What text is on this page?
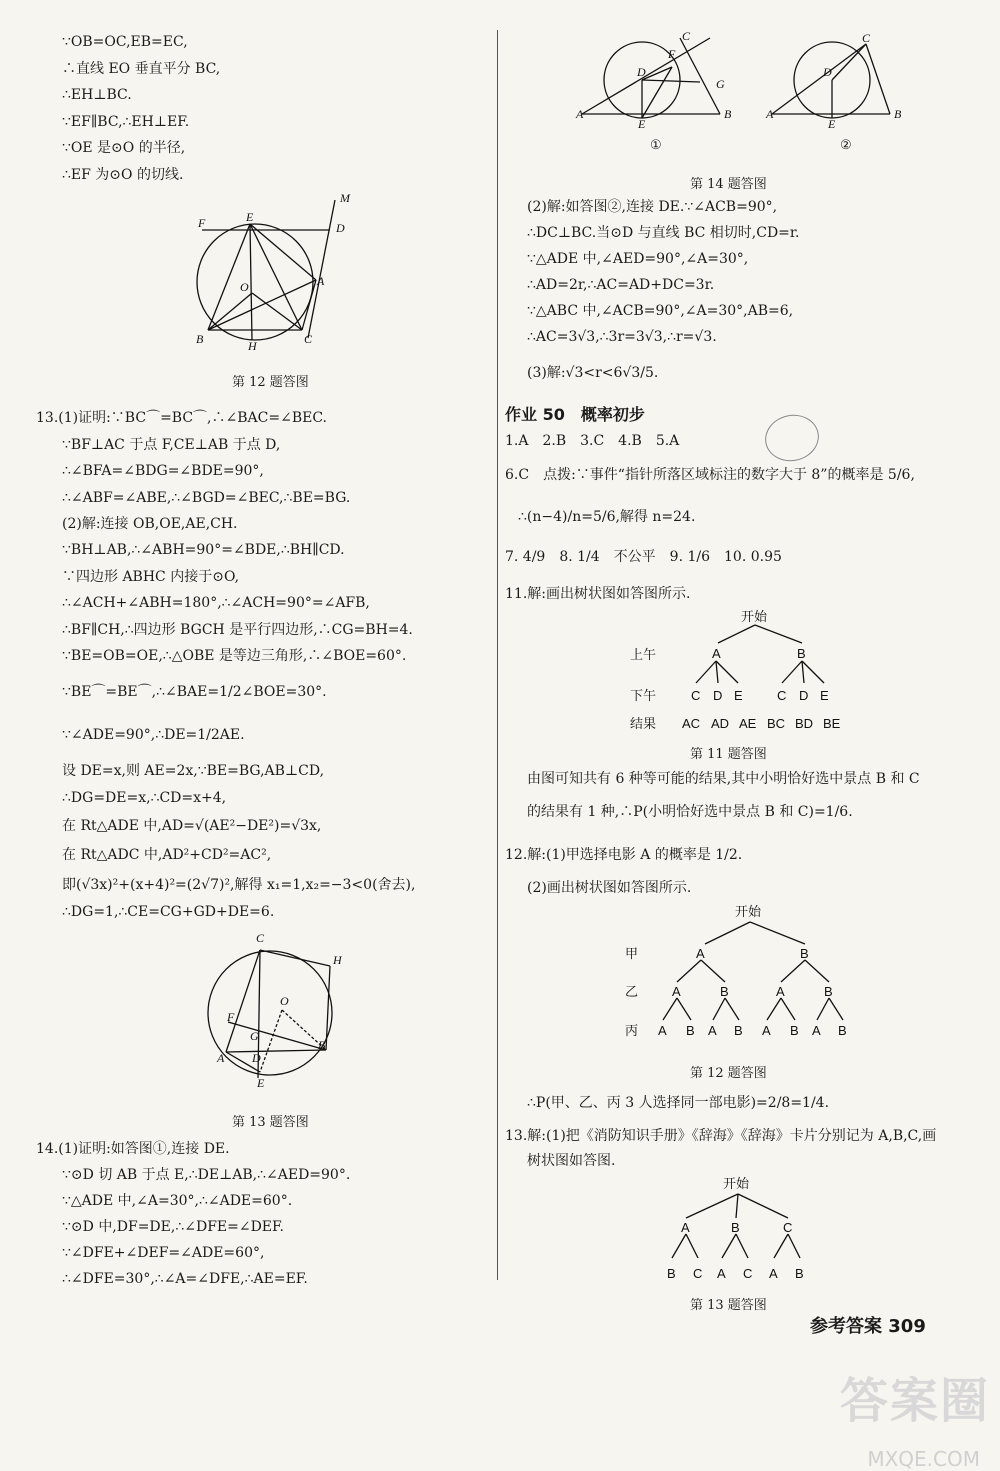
∵OB=OC,EB=EC,
∴直线 EO 垂直平分 BC,
∴EH⊥BC.
∵EF∥BC,∴EH⊥EF.
∵OE 是⊙O 的半径,
∴EF 为⊙O 的切线.
F	E
D
M
A
O
B	H	C
第 12 题答图
13.(1)证明:∵BC⌒=BC⌒,∴∠BAC=∠BEC.
∵BF⊥AC 于点 F,CE⊥AB 于点 D,
∴∠BFA=∠BDG=∠BDE=90°,
∴∠ABF=∠ABE,∴∠BGD=∠BEC,∴BE=BG.
(2)解:连接 OB,OE,AE,CH.
∵BH⊥AB,∴∠ABH=90°=∠BDE,∴BH∥CD.
∵四边形 ABHC 内接于⊙O,
∴∠ACH+∠ABH=180°,∴∠ACH=90°=∠AFB,
∴BF∥CH,∴四边形 BGCH 是平行四边形,∴CG=BH=4.
∵BE=OB=OE,∴△OBE 是等边三角形,∴∠BOE=60°.
∵BE⌒=BE⌒,∴∠BAE=1/2∠BOE=30°.
∵∠ADE=90°,∴DE=1/2AE.
设 DE=x,则 AE=2x,∵BE=BG,AB⊥CD,
∴DG=DE=x,∴CD=x+4,
在 Rt△ADE 中,AD=√(AE²−DE²)=√3x,
在 Rt△ADC 中,AD²+CD²=AC²,
即(√3x)²+(x+4)²=(2√7)²,解得 x₁=1,x₂=−3<0(舍去),
∴DG=1,∴CE=CG+GD+DE=6.
C
H
O
F
G
A D
B
E
第 13 题答图
14.(1)证明:如答图①,连接 DE.
∵⊙D 切 AB 于点 E,∴DE⊥AB,∴∠AED=90°.
∵△ADE 中,∠A=30°,∴∠ADE=60°.
∵⊙D 中,DF=DE,∴∠DFE=∠DEF.
∵∠DFE+∠DEF=∠ADE=60°,
∴∠DFE=30°,∴∠A=∠DFE,∴AE=EF.
A
D
F
C
G
E
B
①
A
D
C
E
B
②
第 14 题答图
(2)解:如答图②,连接 DE.∵∠ACB=90°,
∴DC⊥BC.当⊙D 与直线 BC 相切时,CD=r.
∵△ADE 中,∠AED=90°,∠A=30°,
∴AD=2r,∴AC=AD+DC=3r.
∵△ABC 中,∠ACB=90°,∠A=30°,AB=6,
∴AC=3√3,∴3r=3√3,∴r=√3.
(3)解:√3<r<6√3/5.
作业 50　概率初步
1.A　2.B　3.C　4.B　5.A
6.C　点拨:∵事件“指针所落区域标注的数字大于 8”的概率是 5/6,
∴(n−4)/n=5/6,解得 n=24.
7. 4/9　8. 1/4　不公平　9. 1/6　10. 0.95
11.解:画出树状图如答图所示.
开始
上午
下午
结果
A	B
C D E	C D E
AC AD AE BC BD BE
第 11 题答图
由图可知共有 6 种等可能的结果,其中小明恰好选中景点 B 和 C
的结果有 1 种,∴P(小明恰好选中景点 B 和 C)=1/6.
12.解:(1)甲选择电影 A 的概率是 1/2.
(2)画出树状图如答图所示.
开始
甲
乙
丙
A	B
A	B	A	B
A B A B A B A B
第 12 题答图
∴P(甲、乙、丙 3 人选择同一部电影)=2/8=1/4.
13.解:(1)把《消防知识手册》《辞海》《辞海》卡片分别记为 A,B,C,画
树状图如答图.
开始
A	B	C
B C A C A B
第 13 题答图
参考答案 309
答案圈
MXQE.COM
